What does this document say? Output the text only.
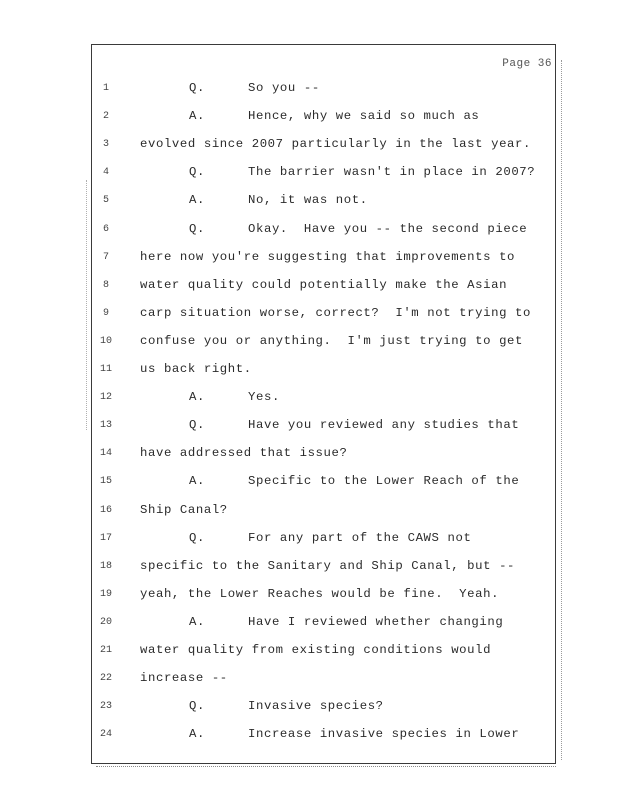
Page 36
1	Q.	So you --
2	A.	Hence, why we said so much as
3	evolved since 2007 particularly in the last year.
4	Q.	The barrier wasn't in place in 2007?
5	A.	No, it was not.
6	Q.	Okay.  Have you -- the second piece
7	here now you're suggesting that improvements to
8	water quality could potentially make the Asian
9	carp situation worse, correct?  I'm not trying to
10	confuse you or anything.  I'm just trying to get
11	us back right.
12	A.	Yes.
13	Q.	Have you reviewed any studies that
14	have addressed that issue?
15	A.	Specific to the Lower Reach of the
16	Ship Canal?
17	Q.	For any part of the CAWS not
18	specific to the Sanitary and Ship Canal, but --
19	yeah, the Lower Reaches would be fine.  Yeah.
20	A.	Have I reviewed whether changing
21	water quality from existing conditions would
22	increase --
23	Q.	Invasive species?
24	A.	Increase invasive species in Lower
